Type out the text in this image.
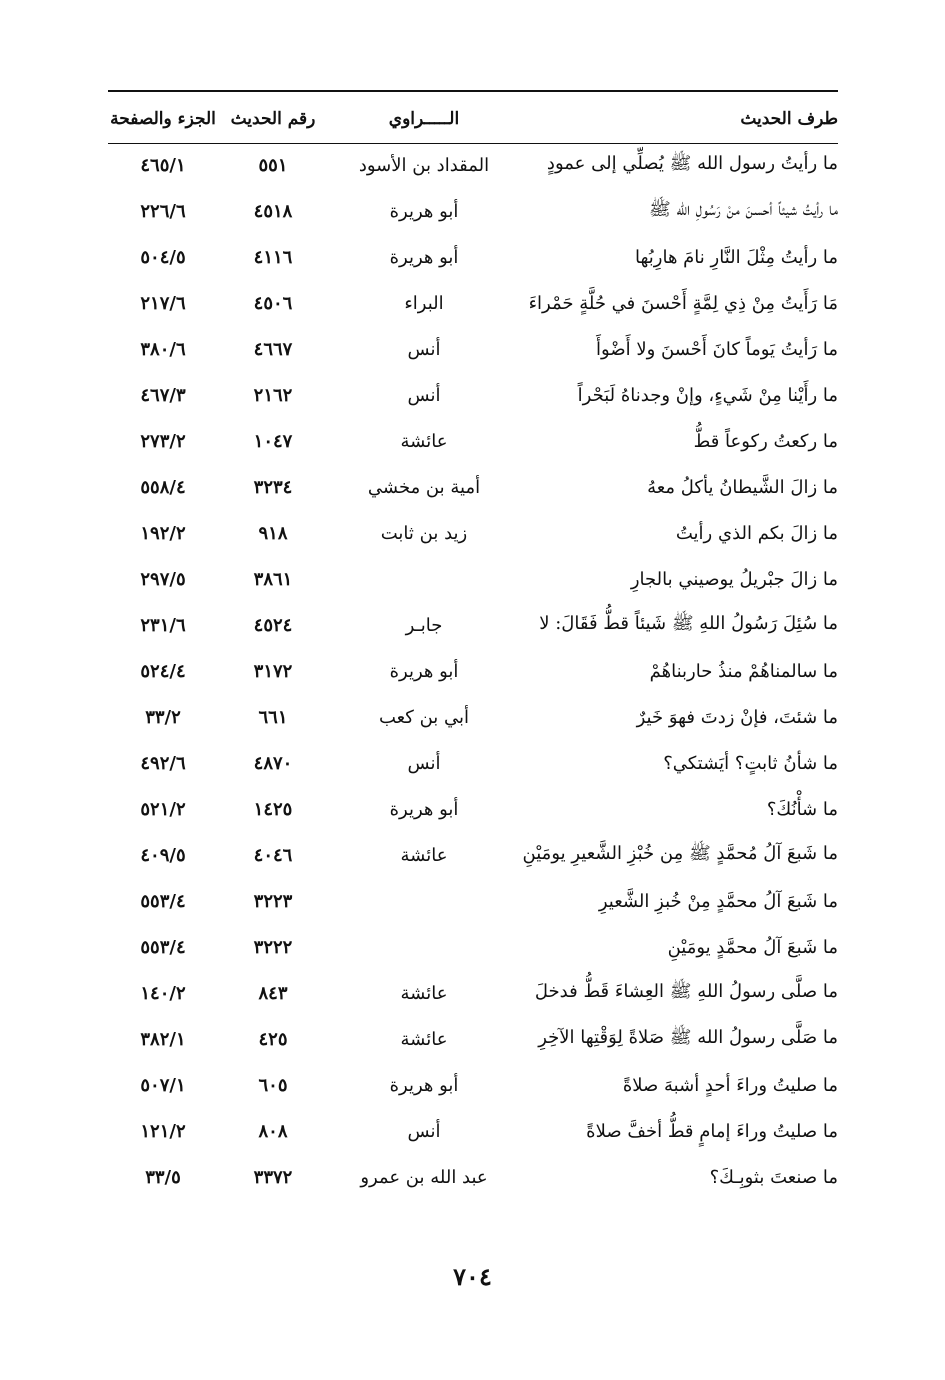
طرف الحديث	الـــــراوي	رقم الحديث	الجزء والصفحة
ما رأيتُ رسول الله ﷺ يُصلِّي إلى عمودٍ	المقداد بن الأسود	٥٥١	٤٦٥/١
ما رأيتُ شيئاً أحسنَ منْ رَسُولِ الله ﷺ	أبو هريرة	٤٥١٨	٢٢٦/٦
ما رأيتُ مِثْلَ النَّارِ نامَ هارِبُها	أبو هريرة	٤١١٦	٥٠٤/٥
مَا رَأَيتُ مِنْ ذِي لِمَّةٍ أَحْسنَ في حُلَّةٍ حَمْراءَ	البراء	٤٥٠٦	٢١٧/٦
ما رَأيتُ يَوماً كانَ أَحْسنَ ولا أَضْوأَ	أنس	٤٦٦٧	٣٨٠/٦
ما رأَيْنا مِنْ شَيءٍ، وإنْ وجدناهُ لَبَحْراً	أنس	٢١٦٢	٤٦٧/٣
ما ركعتُ ركوعاً قطُّ	عائشة	١٠٤٧	٢٧٣/٢
ما زالَ الشَّيطانُ يأكلُ معهُ	أمية بن مخشي	٣٢٣٤	٥٥٨/٤
ما زالَ بكم الذي رأيتُ	زيد بن ثابت	٩١٨	١٩٢/٢
ما زالَ جبْريلُ يوصيني بالجارِ		٣٨٦١	٢٩٧/٥
ما سُئِلَ رَسُولُ اللهِ ﷺ شَيئاً قطُّ فَقَالَ: لا	جابـر	٤٥٢٤	٢٣١/٦
ما سالمناهُمْ منذُ حاربناهُمْ	أبو هريرة	٣١٧٢	٥٢٤/٤
ما شئتَ، فإنْ زدتَ فهوَ خَيرٌ	أبي بن كعب	٦٦١	٣٣/٢
ما شأنُ ثابتٍ؟ أيَشتكي؟	أنس	٤٨٧٠	٤٩٢/٦
ما شأْنُكَ؟	أبو هريرة	١٤٢٥	٥٢١/٢
ما شَبعَ آلُ مُحمَّدٍ ﷺ مِن خُبْزِ الشَّعيرِ يومَيْنِ	عائشة	٤٠٤٦	٤٠٩/٥
ما شَبعَ آلُ محمَّدٍ مِنْ خُبزِ الشَّعيرِ		٣٢٢٣	٥٥٣/٤
ما شَبعَ آلُ محمَّدٍ يومَيْنِ		٣٢٢٢	٥٥٣/٤
ما صلَّى رسولُ اللهِ ﷺ العِشاءَ قَطُّ فدخلَ	عائشة	٨٤٣	١٤٠/٢
ما صَلَّى رسولُ الله ﷺ صَلاةً لِوَقْتِها الآخِرِ	عائشة	٤٢٥	٣٨٢/١
ما صليتُ وراءَ أحدٍ أشبهَ صلاةً	أبو هريرة	٦٠٥	٥٠٧/١
ما صليتُ وراءَ إمامٍ قطُّ أخفَّ صلاةً	أنس	٨٠٨	١٢١/٢
ما صنعتَ بثوبِـكَ؟	عبد الله بن عمرو	٣٣٧٢	٣٣/٥
٧٠٤
